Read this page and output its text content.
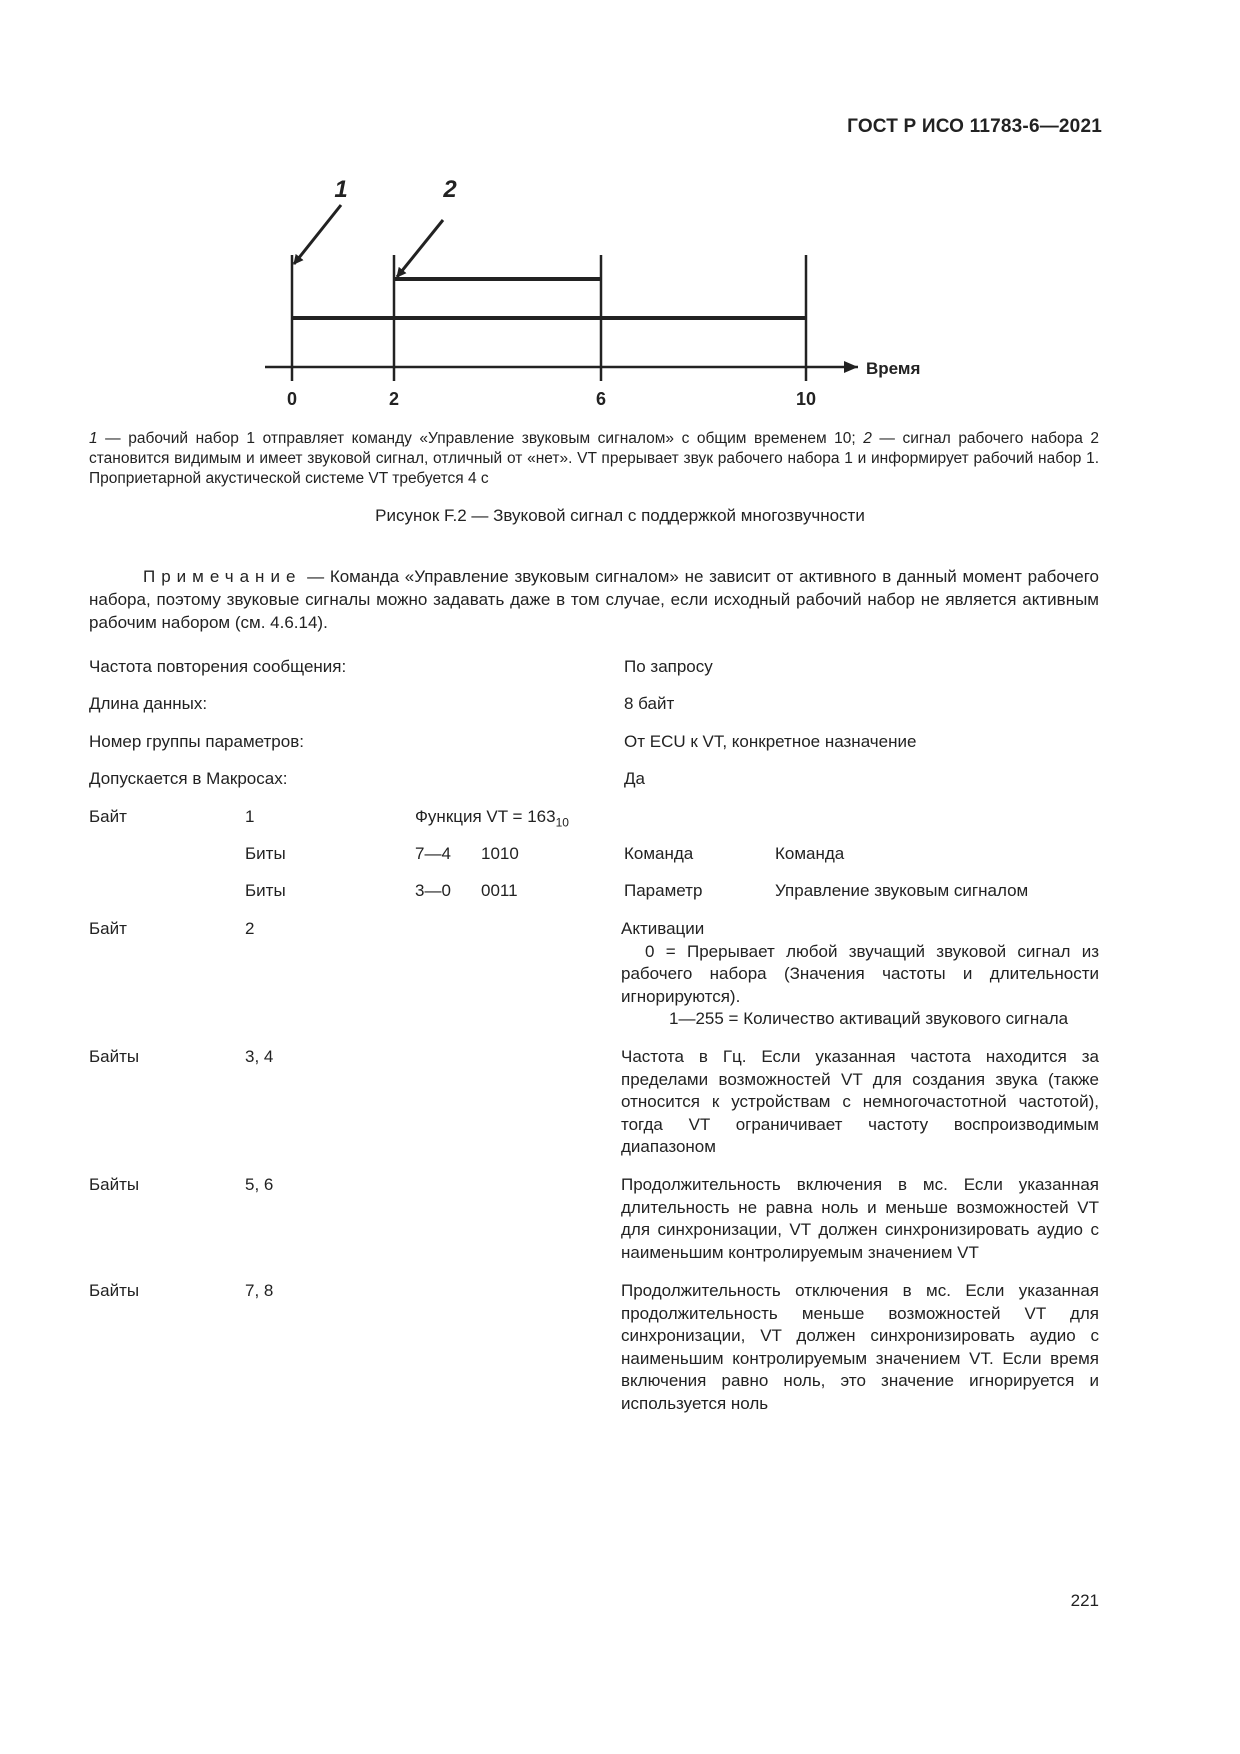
ГОСТ Р ИСО 11783-6—2021
1	2
Время
0	2	6	10
1 — рабочий набор 1 отправляет команду «Управление звуковым сигналом» с общим временем 10; 2 — сигнал рабочего набора 2 становится видимым и имеет звуковой сигнал, отличный от «нет». VT прерывает звук рабочего набора 1 и информирует рабочий набор 1. Проприетарной акустической системе VT требуется 4 с
Рисунок F.2 — Звуковой сигнал с поддержкой многозвучности
Примечание — Команда «Управление звуковым сигналом» не зависит от активного в данный момент рабочего набора, поэтому звуковые сигналы можно задавать даже в том случае, если исходный рабочий набор не является активным рабочим набором (см. 4.6.14).
Частота повторения сообщения:	По запросу
Длина данных:	8 байт
Номер группы параметров:	От ECU к VT, конкретное назначение
Допускается в Макросах:	Да
Байт	1	Функция VT = $163_{10}$
Биты	7—4 1010	Команда	Команда
Биты	3—0 0011	Параметр	Управление звуковым сигналом
Байт	2	Активации
0 = Прерывает любой звучащий звуковой сигнал из рабочего набора (Значения частоты и длительности игнорируются).
1—255 = Количество активаций звукового сигнала
Байты	3, 4	Частота в Гц. Если указанная частота находится за пределами возможностей VT для создания звука (также относится к устройствам с немногочастотной частотой), тогда VT ограничивает частоту воспроизводимым диапазоном
Байты	5, 6	Продолжительность включения в мс. Если указанная длительность не равна ноль и меньше возможностей VT для синхронизации, VT должен синхронизировать аудио с наименьшим контролируемым значением VT
Байты	7, 8	Продолжительность отключения в мс. Если указанная продолжительность меньше возможностей VT для синхронизации, VT должен синхронизировать аудио с наименьшим контролируемым значением VT. Если время включения равно ноль, это значение игнорируется и используется ноль
221
